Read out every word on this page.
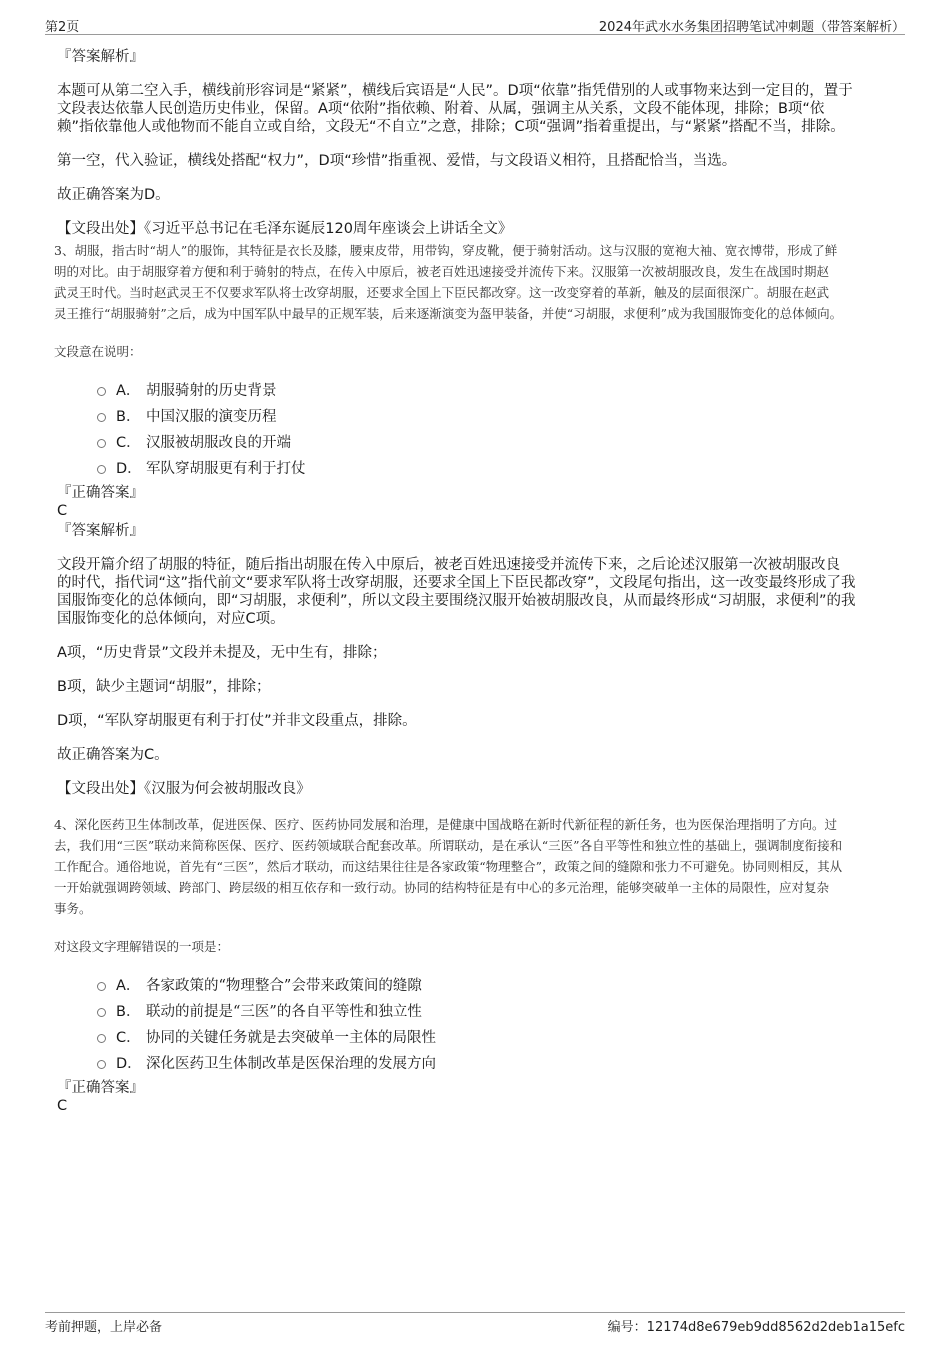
第2页	2024年武水水务集团招聘笔试冲刺题（带答案解析）

『答案解析』

本题可从第二空入手，横线前形容词是“紧紧”，横线后宾语是“人民”。D项“依靠”指凭借别的人或事物来达到一定目的，置于

文段表达依靠人民创造历史伟业，保留。A项“依附”指依赖、附着、从属，强调主从关系，文段不能体现，排除；B项“依

赖”指依靠他人或他物而不能自立或自给，文段无“不自立”之意，排除；C项“强调”指着重提出，与“紧紧”搭配不当，排除。

第一空，代入验证，横线处搭配“权力”，D项“珍惜”指重视、爱惜，与文段语义相符，且搭配恰当，当选。

故正确答案为D。

【文段出处】《习近平总书记在毛泽东诞辰120周年座谈会上讲话全文》

3、胡服，指古时“胡人”的服饰，其特征是衣长及膝，腰束皮带，用带钩，穿皮靴，便于骑射活动。这与汉服的宽袍大袖、宽衣博带，形成了鲜

明的对比。由于胡服穿着方便和利于骑射的特点，在传入中原后，被老百姓迅速接受并流传下来。汉服第一次被胡服改良，发生在战国时期赵

武灵王时代。当时赵武灵王不仅要求军队将士改穿胡服，还要求全国上下臣民都改穿。这一改变穿着的革新，触及的层面很深广。胡服在赵武

灵王推行“胡服骑射”之后，成为中国军队中最早的正规军装，后来逐渐演变为盔甲装备，并使“习胡服，求便利”成为我国服饰变化的总体倾向。

文段意在说明：

A． 胡服骑射的历史背景
B． 中国汉服的演变历程
C． 汉服被胡服改良的开端
D． 军队穿胡服更有利于打仗

『正确答案』

C

『答案解析』

文段开篇介绍了胡服的特征，随后指出胡服在传入中原后，被老百姓迅速接受并流传下来，之后论述汉服第一次被胡服改良

的时代，指代词“这”指代前文“要求军队将士改穿胡服，还要求全国上下臣民都改穿”，文段尾句指出，这一改变最终形成了我

国服饰变化的总体倾向，即“习胡服，求便利”，所以文段主要围绕汉服开始被胡服改良，从而最终形成“习胡服，求便利”的我

国服饰变化的总体倾向，对应C项。

A项，“历史背景”文段并未提及，无中生有，排除；

B项，缺少主题词“胡服”，排除；

D项，“军队穿胡服更有利于打仗”并非文段重点，排除。

故正确答案为C。

【文段出处】《汉服为何会被胡服改良》

4、深化医药卫生体制改革，促进医保、医疗、医药协同发展和治理，是健康中国战略在新时代新征程的新任务，也为医保治理指明了方向。过

去，我们用“三医”联动来简称医保、医疗、医药领域联合配套改革。所谓联动，是在承认“三医”各自平等性和独立性的基础上，强调制度衔接和

工作配合。通俗地说，首先有“三医”，然后才联动，而这结果往往是各家政策“物理整合”，政策之间的缝隙和张力不可避免。协同则相反，其从

一开始就强调跨领域、跨部门、跨层级的相互依存和一致行动。协同的结构特征是有中心的多元治理，能够突破单一主体的局限性，应对复杂

事务。

对这段文字理解错误的一项是：

A． 各家政策的“物理整合”会带来政策间的缝隙
B． 联动的前提是“三医”的各自平等性和独立性
C． 协同的关键任务就是去突破单一主体的局限性
D． 深化医药卫生体制改革是医保治理的发展方向

『正确答案』

C

考前押题，上岸必备	编号：12174d8e679eb9dd8562d2deb1a15efc
